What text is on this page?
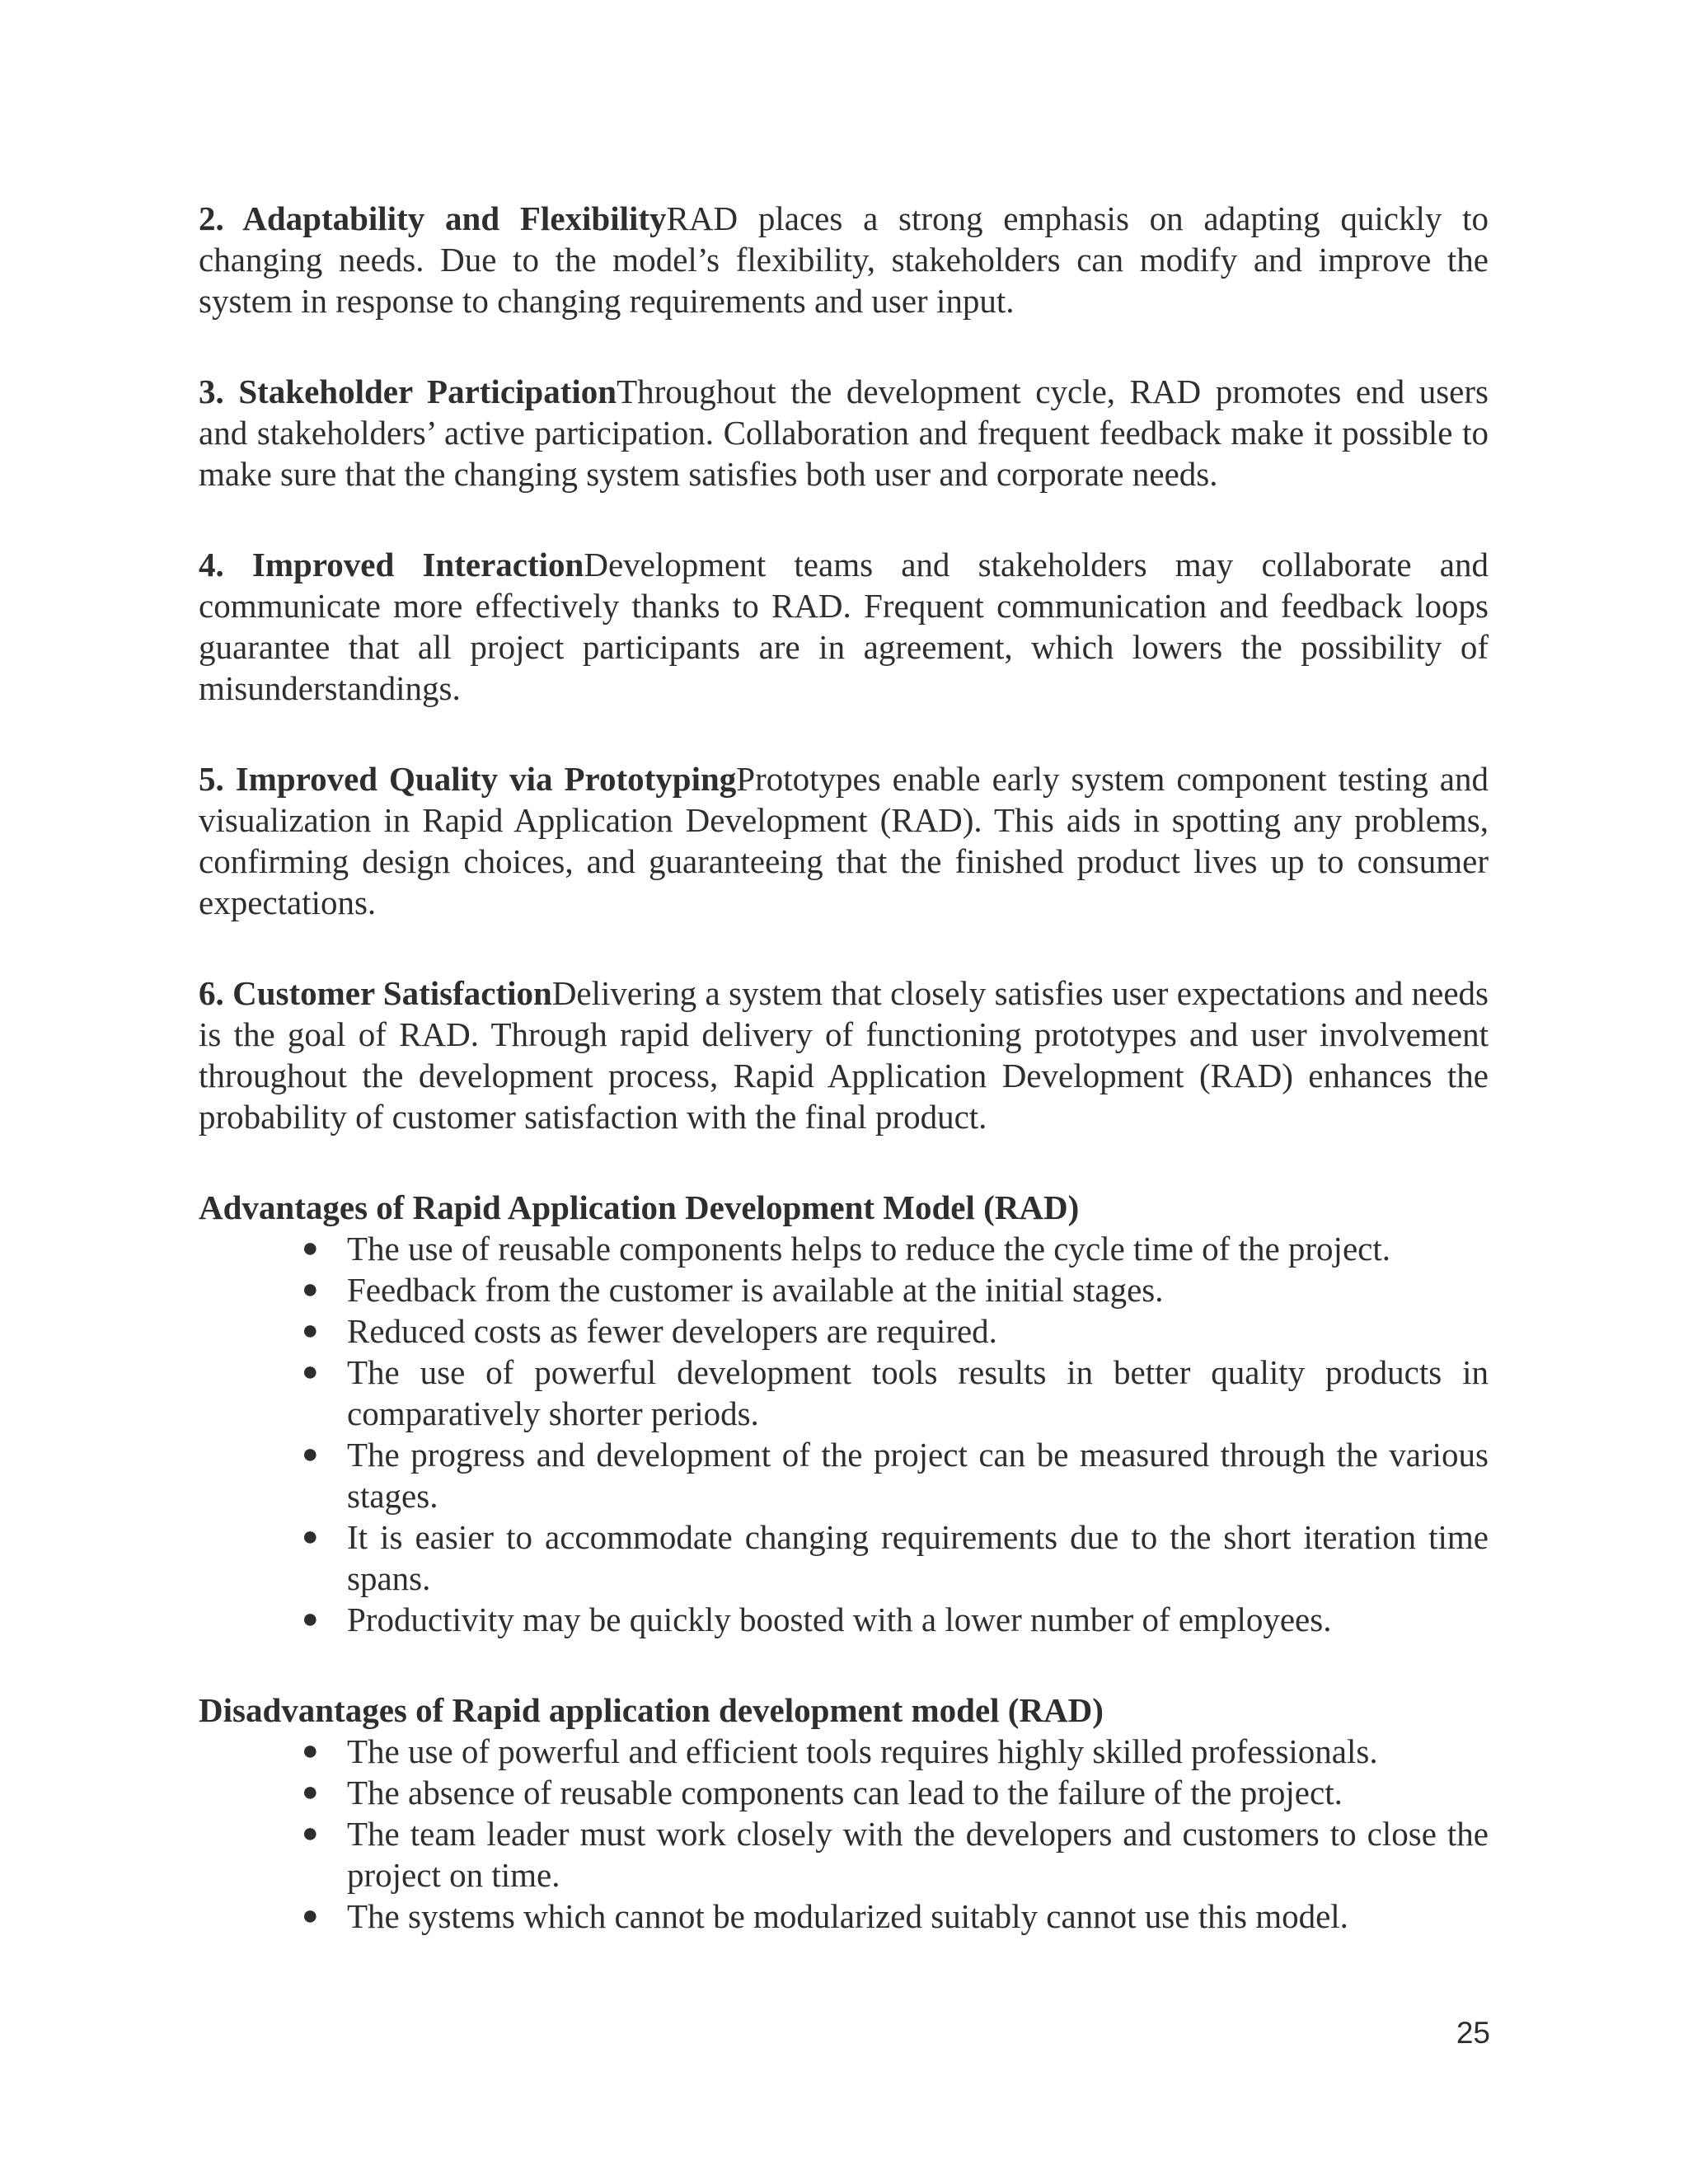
2. Adaptability and FlexibilityRAD places a strong emphasis on adapting quickly to changing needs. Due to the model’s flexibility, stakeholders can modify and improve the system in response to changing requirements and user input.

3. Stakeholder ParticipationThroughout the development cycle, RAD promotes end users and stakeholders’ active participation. Collaboration and frequent feedback make it possible to make sure that the changing system satisfies both user and corporate needs.

4. Improved InteractionDevelopment teams and stakeholders may collaborate and communicate more effectively thanks to RAD. Frequent communication and feedback loops guarantee that all project participants are in agreement, which lowers the possibility of misunderstandings.

5. Improved Quality via PrototypingPrototypes enable early system component testing and visualization in Rapid Application Development (RAD). This aids in spotting any problems, confirming design choices, and guaranteeing that the finished product lives up to consumer expectations.

6. Customer SatisfactionDelivering a system that closely satisfies user expectations and needs is the goal of RAD. Through rapid delivery of functioning prototypes and user involvement throughout the development process, Rapid Application Development (RAD) enhances the probability of customer satisfaction with the final product.

Advantages of Rapid Application Development Model (RAD)
● The use of reusable components helps to reduce the cycle time of the project.
● Feedback from the customer is available at the initial stages.
● Reduced costs as fewer developers are required.
● The use of powerful development tools results in better quality products in comparatively shorter periods.
● The progress and development of the project can be measured through the various stages.
● It is easier to accommodate changing requirements due to the short iteration time spans.
● Productivity may be quickly boosted with a lower number of employees.
Disadvantages of Rapid application development model (RAD)
● The use of powerful and efficient tools requires highly skilled professionals.
● The absence of reusable components can lead to the failure of the project.
● The team leader must work closely with the developers and customers to close the project on time.
● The systems which cannot be modularized suitably cannot use this model.
25
